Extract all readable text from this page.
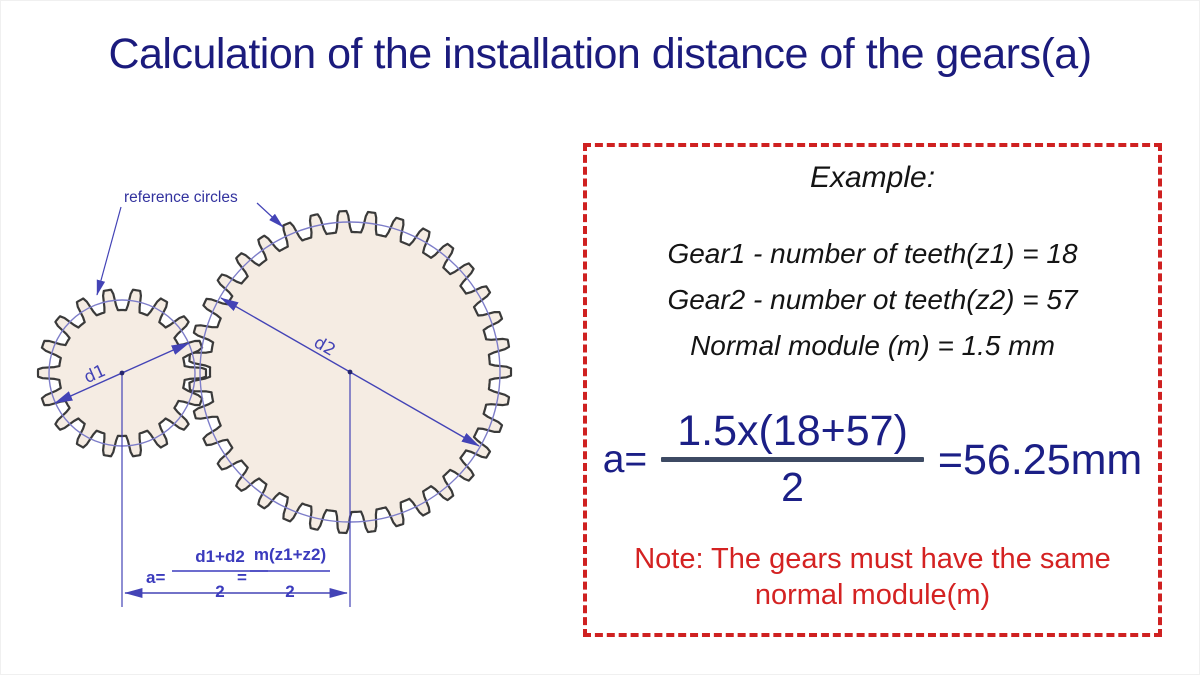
Calculation of the installation distance of the gears(a)
d1
d2
reference circles
a=
d1+d2
2
=
m(z1+z2)
2
Example:
Gear1 - number of teeth(z1) = 18
Gear2 - number ot teeth(z2) = 57
Normal module (m) = 1.5 mm
a=
1.5x(18+57)
2
=56.25mm
Note: The gears must have the same
normal module(m)
